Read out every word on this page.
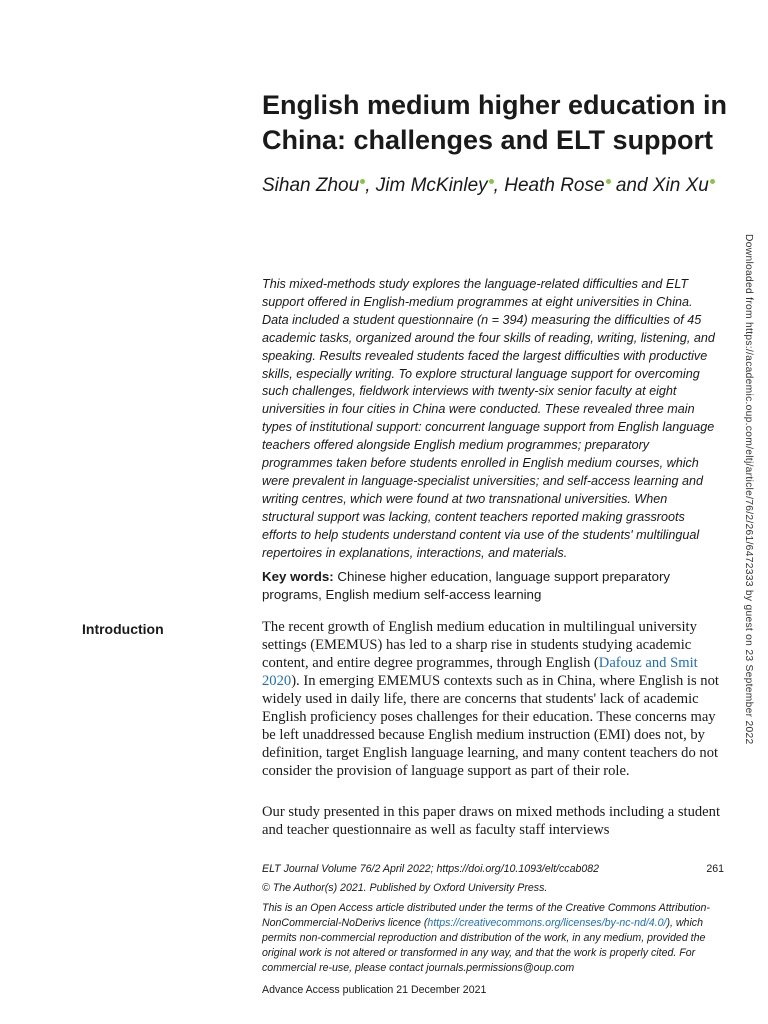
English medium higher education in
China: challenges and ELT support
Sihan Zhou , Jim McKinley , Heath Rose and Xin Xu

This mixed-methods study explores the language-related difficulties and ELT support offered in English-medium programmes at eight universities in China. Data included a student questionnaire (n = 394) measuring the difficulties of 45 academic tasks, organized around the four skills of reading, writing, listening, and speaking. Results revealed students faced the largest difficulties with productive skills, especially writing. To explore structural language support for overcoming such challenges, fieldwork interviews with twenty-six senior faculty at eight universities in four cities in China were conducted. These revealed three main types of institutional support: concurrent language support from English language teachers offered alongside English medium programmes; preparatory programmes taken before students enrolled in English medium courses, which were prevalent in language-specialist universities; and self-access learning and writing centres, which were found at two transnational universities. When structural support was lacking, content teachers reported making grassroots efforts to help students understand content via use of the students' multilingual repertoires in explanations, interactions, and materials.

Key words: Chinese higher education, language support preparatory programs, English medium self-access learning

Introduction	The recent growth of English medium education in multilingual university settings (EMEMUS) has led to a sharp rise in students studying academic content, and entire degree programmes, through English (Dafouz and Smit 2020). In emerging EMEMUS contexts such as in China, where English is not widely used in daily life, there are concerns that students' lack of academic English proficiency poses challenges for their education. These concerns may be left unaddressed because English medium instruction (EMI) does not, by definition, target English language learning, and many content teachers do not consider the provision of language support as part of their role.

Our study presented in this paper draws on mixed methods including a student and teacher questionnaire as well as faculty staff interviews

ELT Journal Volume 76/2 April 2022; https://doi.org/10.1093/elt/ccab082	261
© The Author(s) 2021. Published by Oxford University Press.
This is an Open Access article distributed under the terms of the Creative Commons Attribution-NonCommercial-NoDerivs licence (https://creativecommons.org/licenses/by-nc-nd/4.0/), which permits non-commercial reproduction and distribution of the work, in any medium, provided the original work is not altered or transformed in any way, and that the work is properly cited. For commercial re-use, please contact journals.permissions@oup.com
Advance Access publication 21 December 2021
Downloaded from https://academic.oup.com/eltj/article/76/2/261/6472333 by guest on 23 September 2022
